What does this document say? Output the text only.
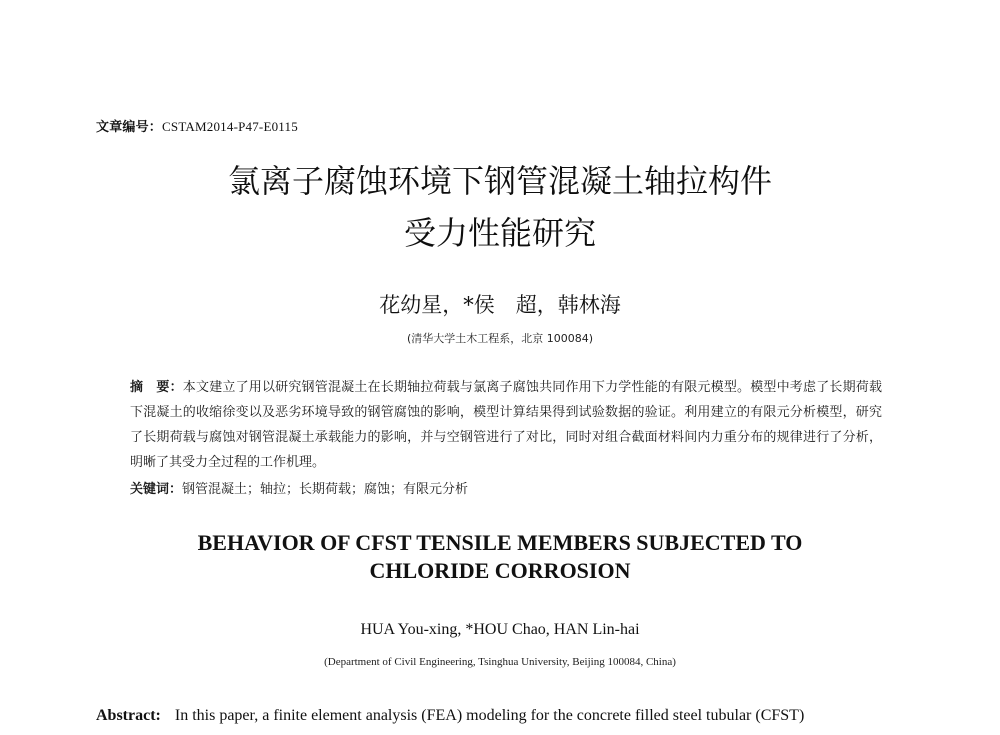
文章编号：CSTAM2014-P47-E0115
氯离子腐蚀环境下钢管混凝土轴拉构件
受力性能研究
花幼星，*侯　超，韩林海
(清华大学土木工程系，北京 100084)
摘　要：本文建立了用以研究钢管混凝土在长期轴拉荷载与氯离子腐蚀共同作用下力学性能的有限元模型。模型中考虑了长期荷载下混凝土的收缩徐变以及恶劣环境导致的钢管腐蚀的影响，模型计算结果得到试验数据的验证。利用建立的有限元分析模型，研究了长期荷载与腐蚀对钢管混凝土承载能力的影响，并与空钢管进行了对比，同时对组合截面材料间内力重分布的规律进行了分析，明晰了其受力全过程的工作机理。
关键词：钢管混凝土；轴拉；长期荷载；腐蚀；有限元分析
BEHAVIOR OF CFST TENSILE MEMBERS SUBJECTED TO
CHLORIDE CORROSION
HUA You-xing, *HOU Chao, HAN Lin-hai
(Department of Civil Engineering, Tsinghua University, Beijing 100084, China)
Abstract: In this paper, a finite element analysis (FEA) modeling for the concrete filled steel tubular (CFST)
